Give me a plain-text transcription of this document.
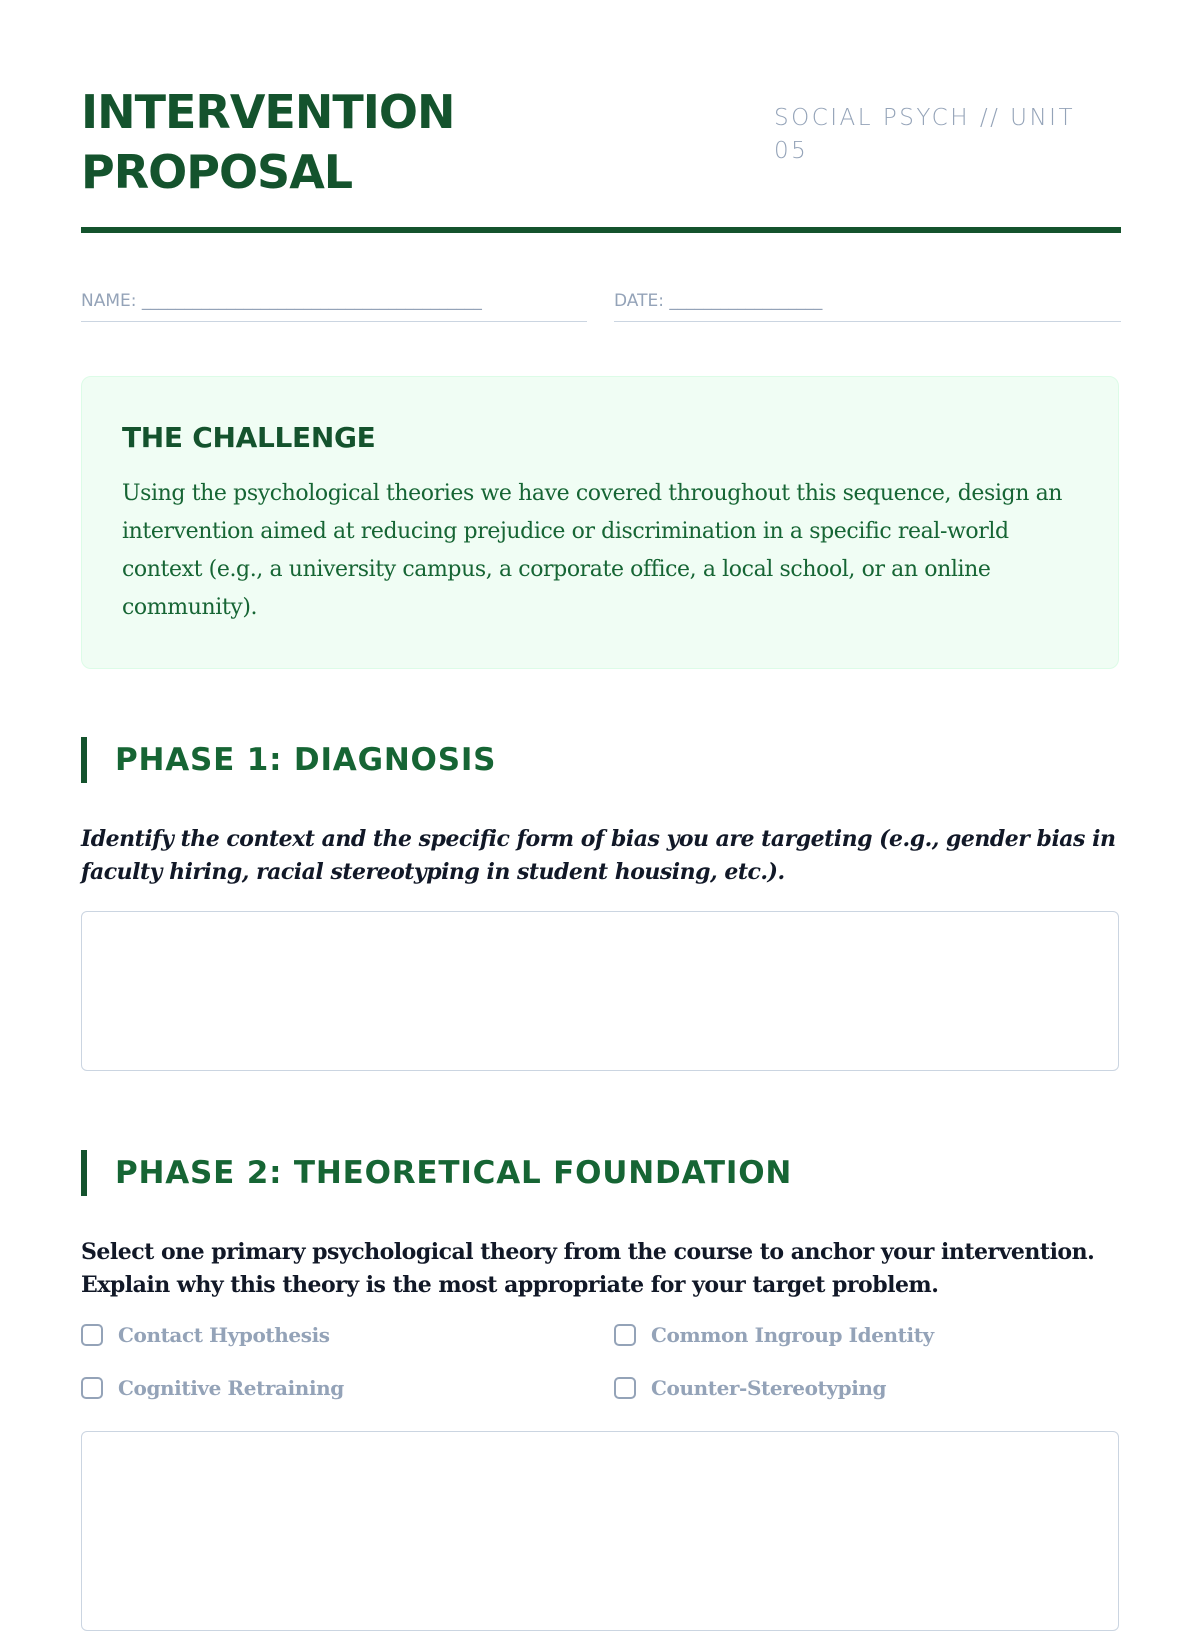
INTERVENTION
PROPOSAL
SOCIAL PSYCH // UNIT 05
NAME: ________________________________________	DATE: __________________
THE CHALLENGE

Using the psychological theories we have covered throughout this sequence, design an intervention aimed at reducing prejudice or discrimination in a specific real-world context (e.g., a university campus, a corporate office, a local school, or an online community).

PHASE 1: DIAGNOSIS

Identify the context and the specific form of bias you are targeting (e.g., gender bias in faculty hiring, racial stereotyping in student housing, etc.).

PHASE 2: THEORETICAL FOUNDATION

Select one primary psychological theory from the course to anchor your intervention. Explain why this theory is the most appropriate for your target problem.

Contact Hypothesis	Common Ingroup Identity
Cognitive Retraining	Counter-Stereotyping
